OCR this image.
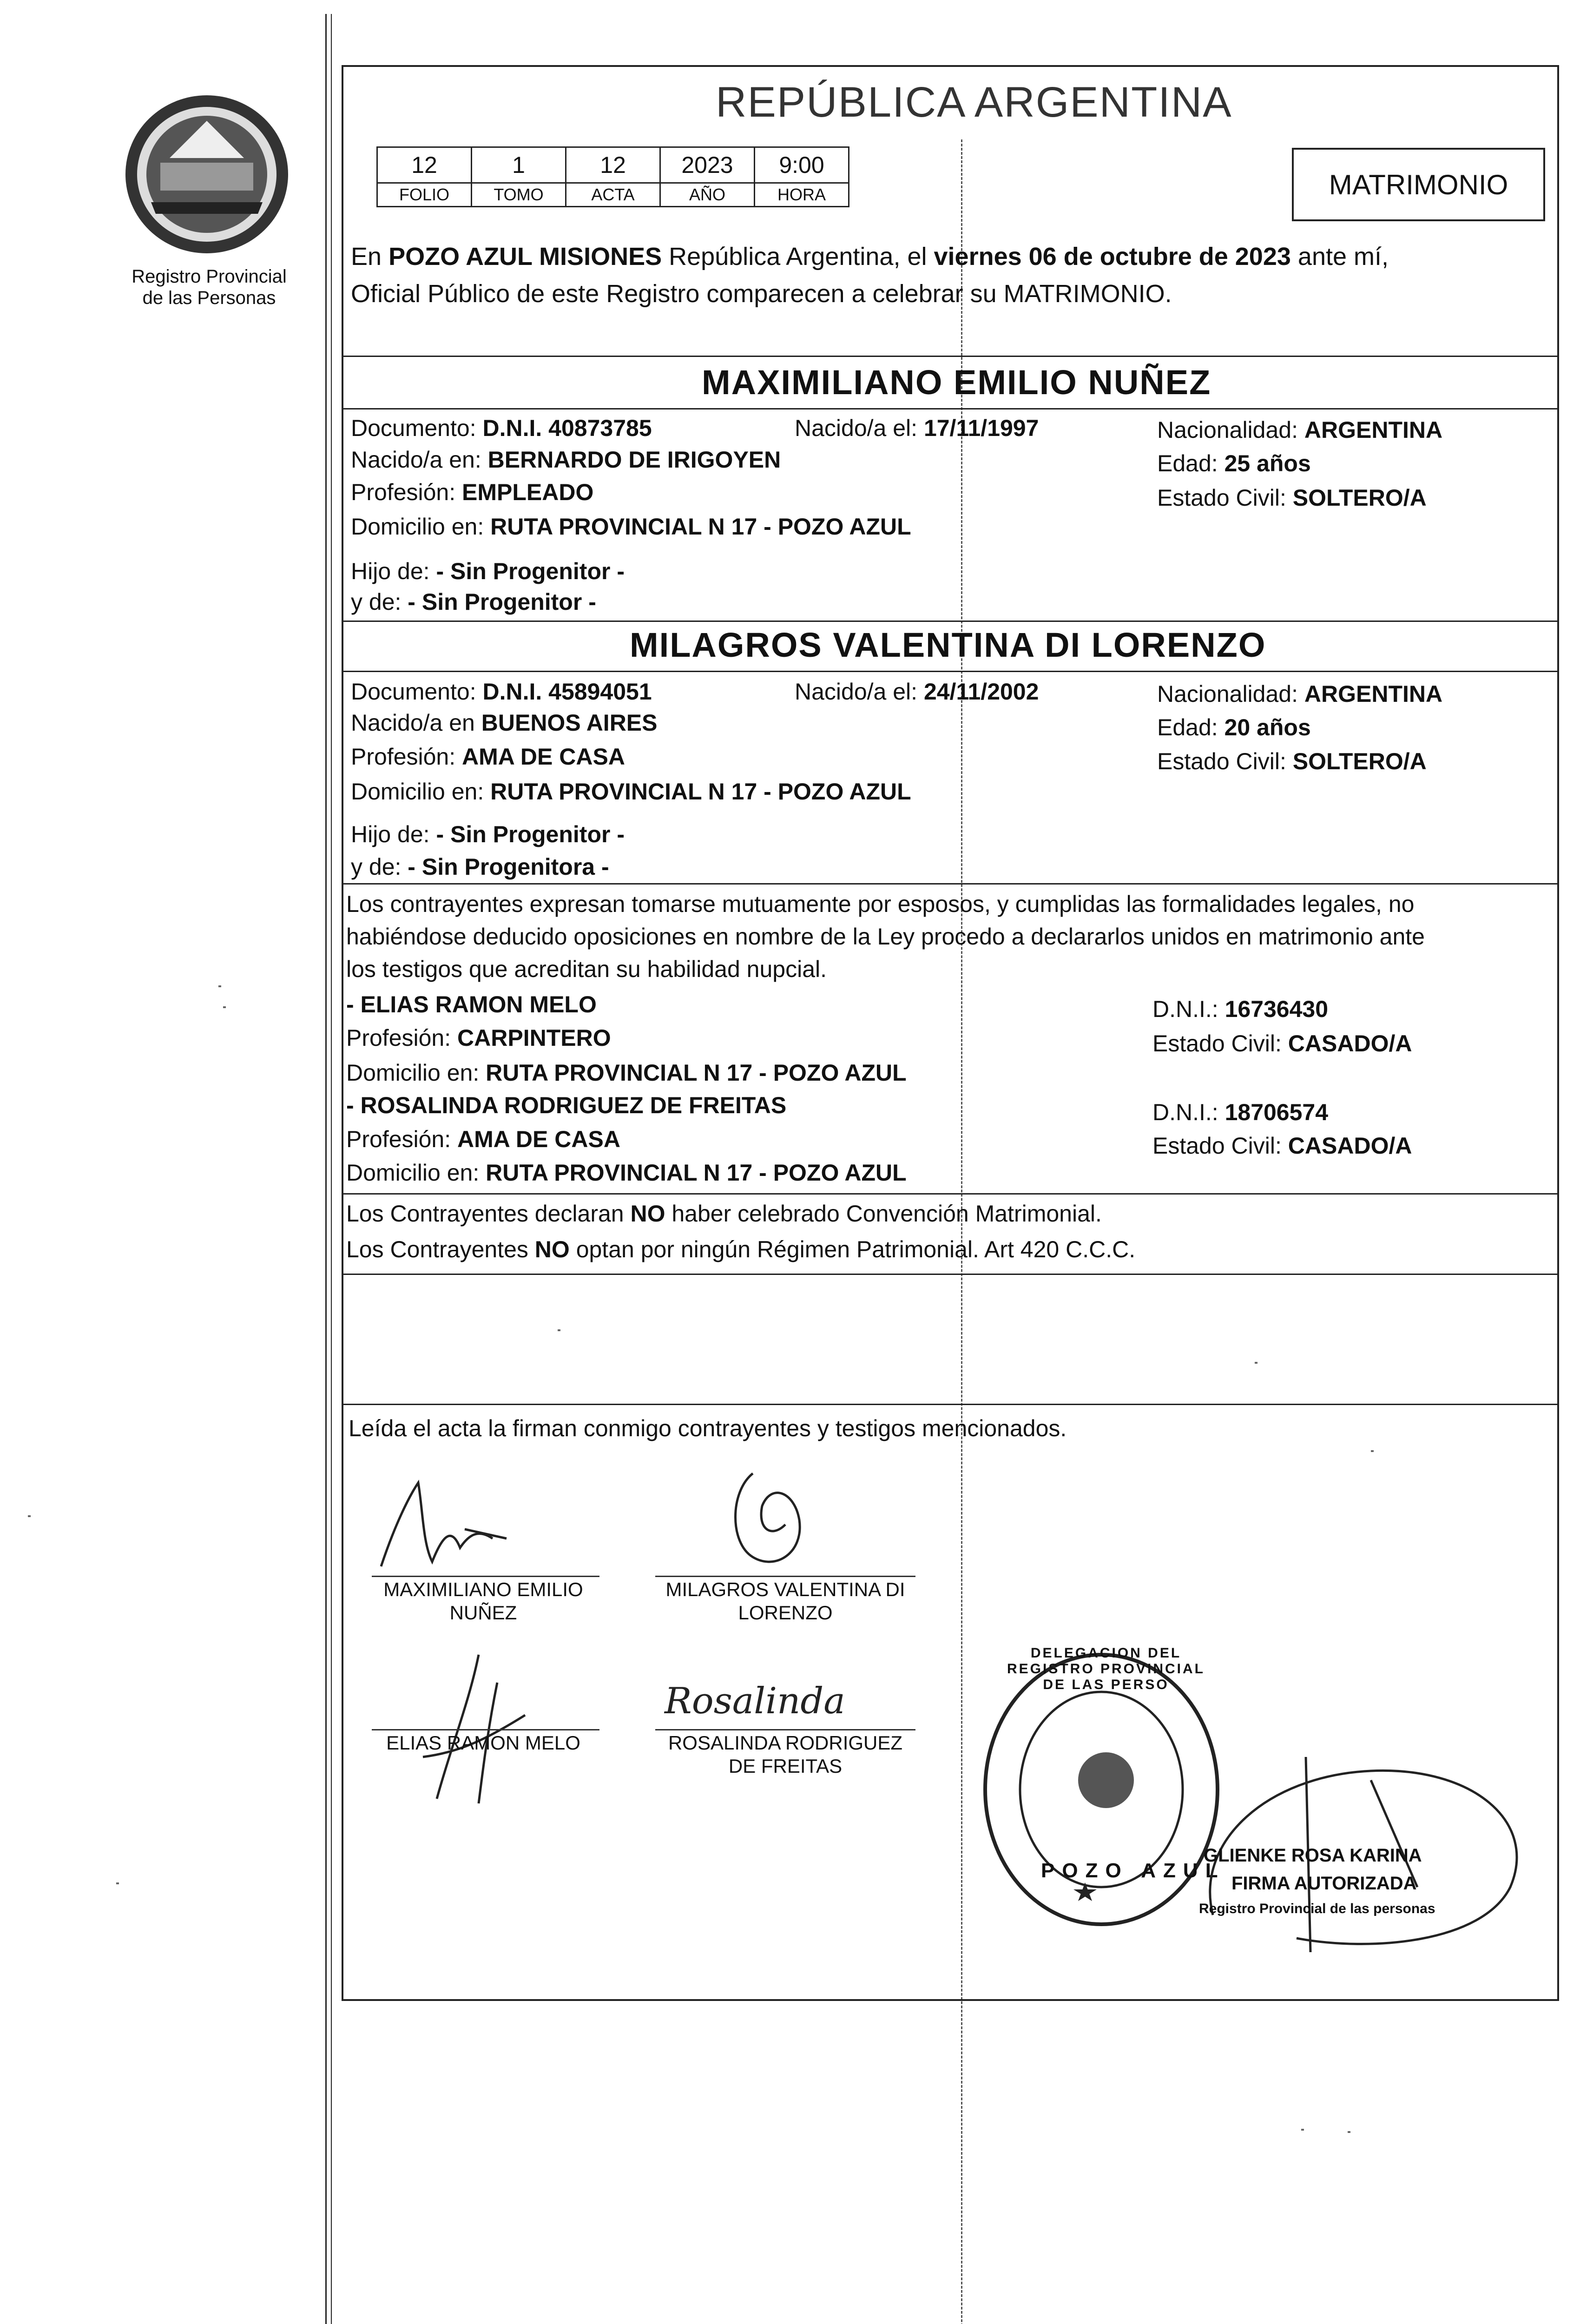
Registro Provincial
de las Personas
REPÚBLICA ARGENTINA
12	1	12	2023	9:00
FOLIO	TOMO	ACTA	AÑO	HORA	MATRIMONIO
En POZO AZUL MISIONES República Argentina, el viernes 06 de octubre de 2023 ante mí,
Oficial Público de este Registro comparecen a celebrar su MATRIMONIO.
MAXIMILIANO EMILIO NUÑEZ
Documento: D.N.I. 40873785	Nacido/a el: 17/11/1997	Nacionalidad: ARGENTINA
Nacido/a en: BERNARDO DE IRIGOYEN	Edad: 25 años
Profesión: EMPLEADO	Estado Civil: SOLTERO/A
Domicilio en: RUTA PROVINCIAL N 17 - POZO AZUL
Hijo de: - Sin Progenitor -
y de: - Sin Progenitor -
MILAGROS VALENTINA DI LORENZO
Documento: D.N.I. 45894051	Nacido/a el: 24/11/2002	Nacionalidad: ARGENTINA
Nacido/a en BUENOS AIRES	Edad: 20 años
Profesión: AMA DE CASA	Estado Civil: SOLTERO/A
Domicilio en: RUTA PROVINCIAL N 17 - POZO AZUL
Hijo de: - Sin Progenitor -
y de: - Sin Progenitora -
Los contrayentes expresan tomarse mutuamente por esposos, y cumplidas las formalidades legales, no
habiéndose deducido oposiciones en nombre de la Ley procedo a declararlos unidos en matrimonio ante
los testigos que acreditan su habilidad nupcial.
- ELIAS RAMON MELO	D.N.I.: 16736430
Profesión: CARPINTERO	Estado Civil: CASADO/A
Domicilio en: RUTA PROVINCIAL N 17 - POZO AZUL
- ROSALINDA RODRIGUEZ DE FREITAS	D.N.I.: 18706574
Profesión: AMA DE CASA	Estado Civil: CASADO/A
Domicilio en: RUTA PROVINCIAL N 17 - POZO AZUL
Los Contrayentes declaran NO haber celebrado Convención Matrimonial.
Los Contrayentes NO optan por ningún Régimen Patrimonial. Art 420 C.C.C.
Leída el acta la firman conmigo contrayentes y testigos mencionados.
MAXIMILIANO EMILIO
NUÑEZ
MILAGROS VALENTINA DI
LORENZO
ELIAS RAMON MELO
Rosalinda
ROSALINDA RODRIGUEZ
DE FREITAS
DELEGACION DEL REGISTRO PROVINCIAL DE LAS PERSO
POZO AZUL
GLIENKE ROSA KARINA
FIRMA AUTORIZADA
Registro Provincial de las personas
